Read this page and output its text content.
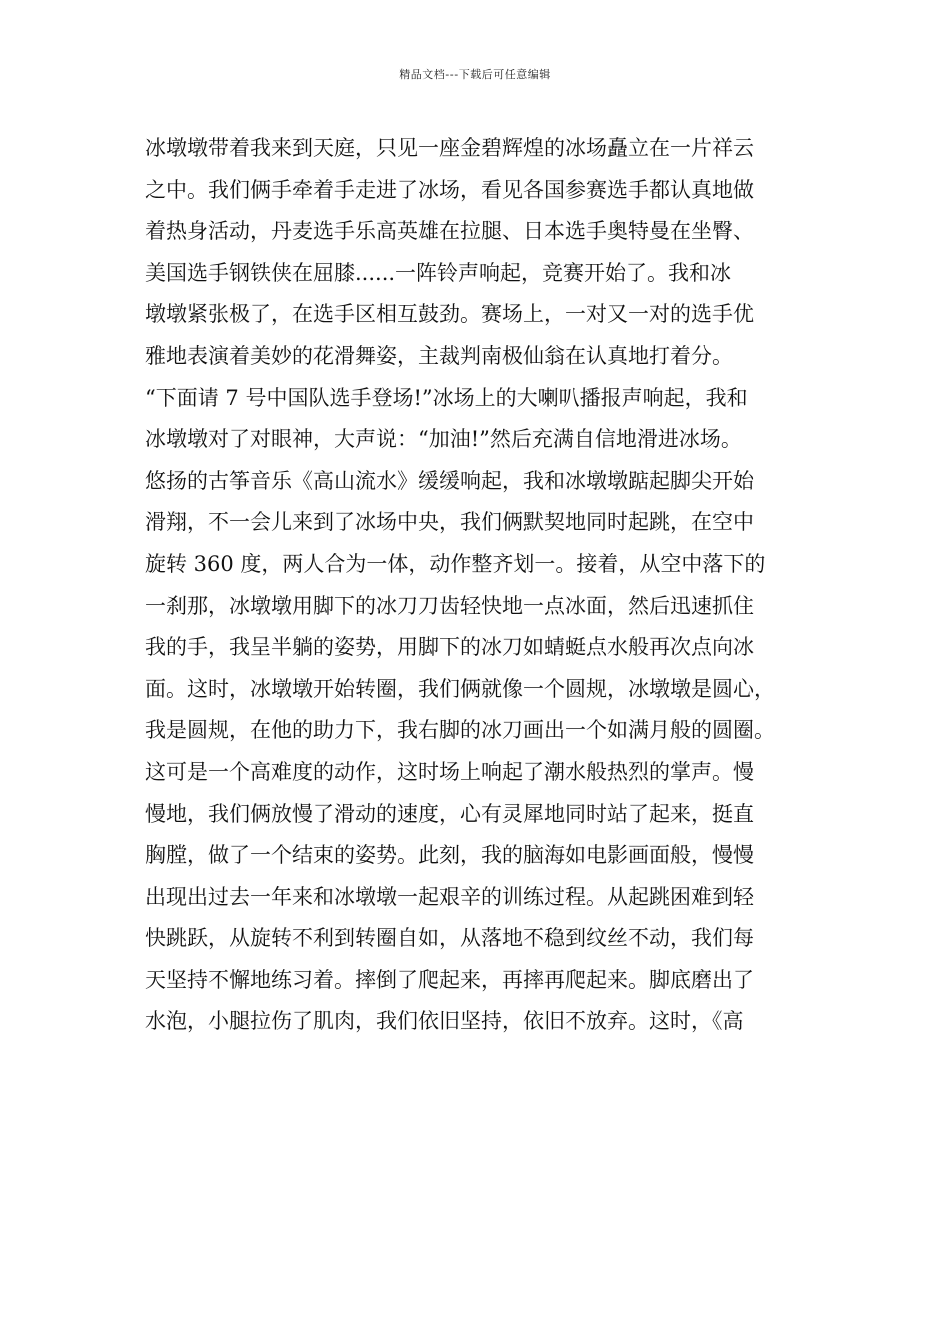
精品文档---下载后可任意编辑
冰墩墩带着我来到天庭，只见一座金碧辉煌的冰场矗立在一片祥云
之中。我们俩手牵着手走进了冰场，看见各国参赛选手都认真地做
着热身活动，丹麦选手乐高英雄在拉腿、日本选手奥特曼在坐臀、
美国选手钢铁侠在屈膝......一阵铃声响起，竞赛开始了。我和冰
墩墩紧张极了，在选手区相互鼓劲。赛场上，一对又一对的选手优
雅地表演着美妙的花滑舞姿，主裁判南极仙翁在认真地打着分。
“下面请 7 号中国队选手登场!”冰场上的大喇叭播报声响起，我和
冰墩墩对了对眼神，大声说：“加油!”然后充满自信地滑进冰场。
悠扬的古筝音乐《高山流水》缓缓响起，我和冰墩墩踮起脚尖开始
滑翔，不一会儿来到了冰场中央，我们俩默契地同时起跳，在空中
旋转 360 度，两人合为一体，动作整齐划一。接着，从空中落下的
一刹那，冰墩墩用脚下的冰刀刀齿轻快地一点冰面，然后迅速抓住
我的手，我呈半躺的姿势，用脚下的冰刀如蜻蜓点水般再次点向冰
面。这时，冰墩墩开始转圈，我们俩就像一个圆规，冰墩墩是圆心，
我是圆规，在他的助力下，我右脚的冰刀画出一个如满月般的圆圈。
这可是一个高难度的动作，这时场上响起了潮水般热烈的掌声。慢
慢地，我们俩放慢了滑动的速度，心有灵犀地同时站了起来，挺直
胸膛，做了一个结束的姿势。此刻，我的脑海如电影画面般，慢慢
出现出过去一年来和冰墩墩一起艰辛的训练过程。从起跳困难到轻
快跳跃，从旋转不利到转圈自如，从落地不稳到纹丝不动，我们每
天坚持不懈地练习着。摔倒了爬起来，再摔再爬起来。脚底磨出了
水泡，小腿拉伤了肌肉，我们依旧坚持，依旧不放弃。这时，《高
